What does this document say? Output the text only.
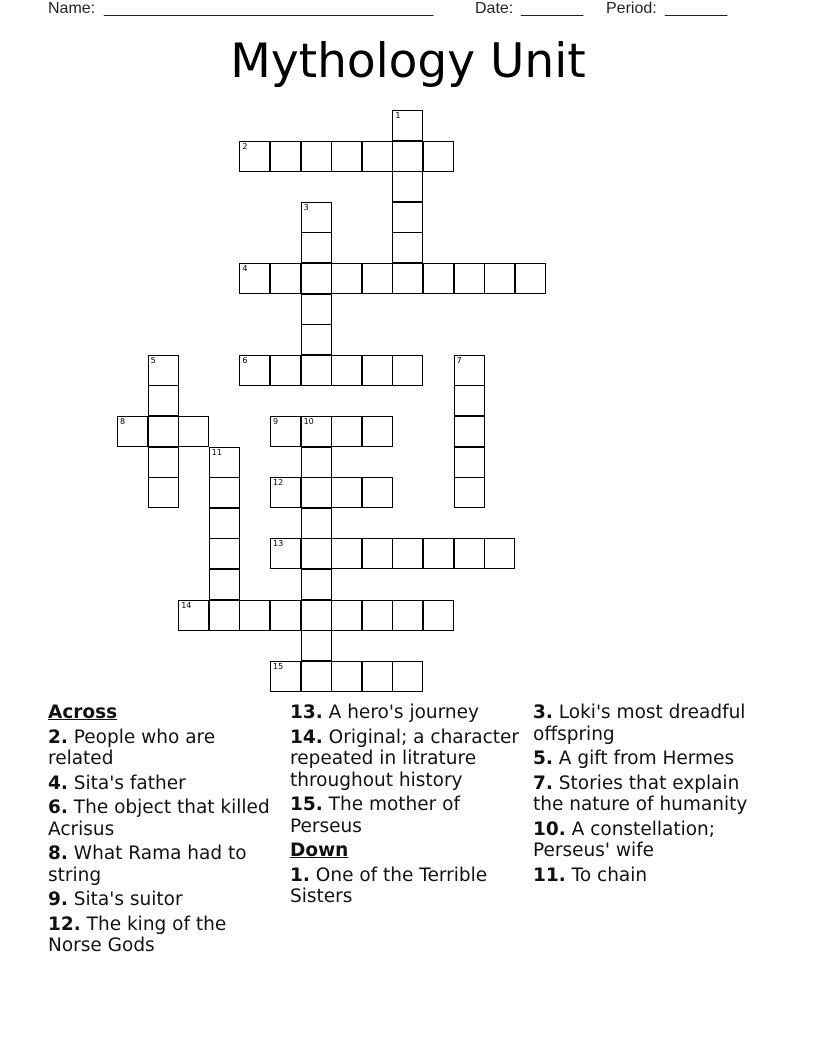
Name: _____________________________________	Date: _______ Period: _______
Mythology Unit
1
2
3
4
5	6	7
8	9	10
11
12
13
14
15
Across
2. People who are related
4. Sita's father
6. The object that killed Acrisus
8. What Rama had to string
9. Sita's suitor
12. The king of the Norse Gods
13. A hero's journey
14. Original; a character repeated in litrature throughout history
15. The mother of Perseus
Down
1. One of the Terrible Sisters
3. Loki's most dreadful offspring
5. A gift from Hermes
7. Stories that explain the nature of humanity
10. A constellation; Perseus' wife
11. To chain
